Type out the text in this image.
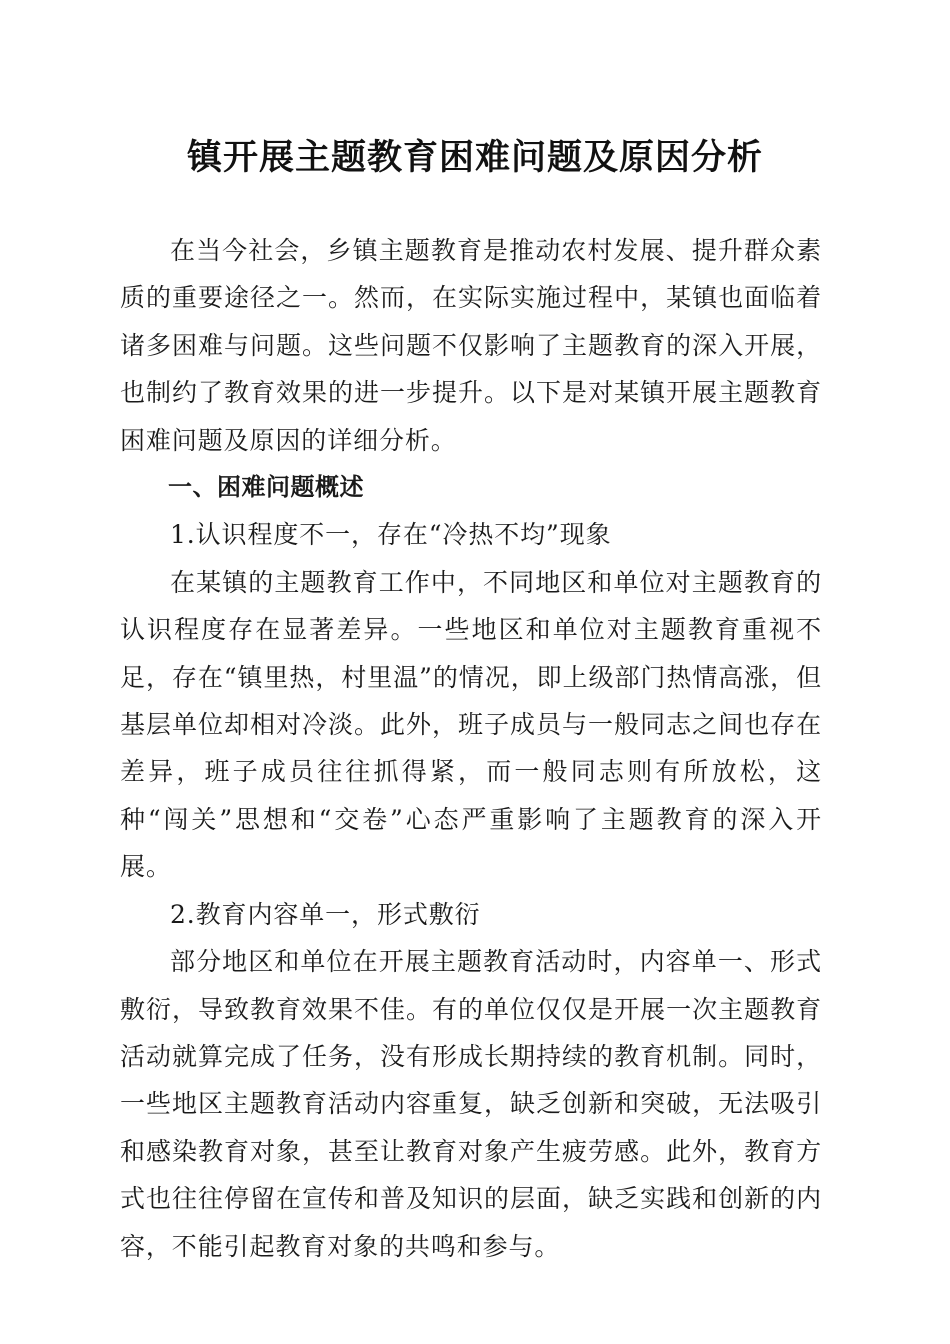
镇开展主题教育困难问题及原因分析

在当今社会，乡镇主题教育是推动农村发展、提升群众素质的重要途径之一。然而，在实际实施过程中，某镇也面临着诸多困难与问题。这些问题不仅影响了主题教育的深入开展，也制约了教育效果的进一步提升。以下是对某镇开展主题教育困难问题及原因的详细分析。

一、困难问题概述

1.认识程度不一，存在“冷热不均”现象

在某镇的主题教育工作中，不同地区和单位对主题教育的认识程度存在显著差异。一些地区和单位对主题教育重视不足，存在“镇里热，村里温”的情况，即上级部门热情高涨，但基层单位却相对冷淡。此外，班子成员与一般同志之间也存在差异，班子成员往往抓得紧，而一般同志则有所放松，这种“闯关”思想和“交卷”心态严重影响了主题教育的深入开展。

2.教育内容单一，形式敷衍

部分地区和单位在开展主题教育活动时，内容单一、形式敷衍，导致教育效果不佳。有的单位仅仅是开展一次主题教育活动就算完成了任务，没有形成长期持续的教育机制。同时，一些地区主题教育活动内容重复，缺乏创新和突破，无法吸引和感染教育对象，甚至让教育对象产生疲劳感。此外，教育方式也往往停留在宣传和普及知识的层面，缺乏实践和创新的内容，不能引起教育对象的共鸣和参与。
